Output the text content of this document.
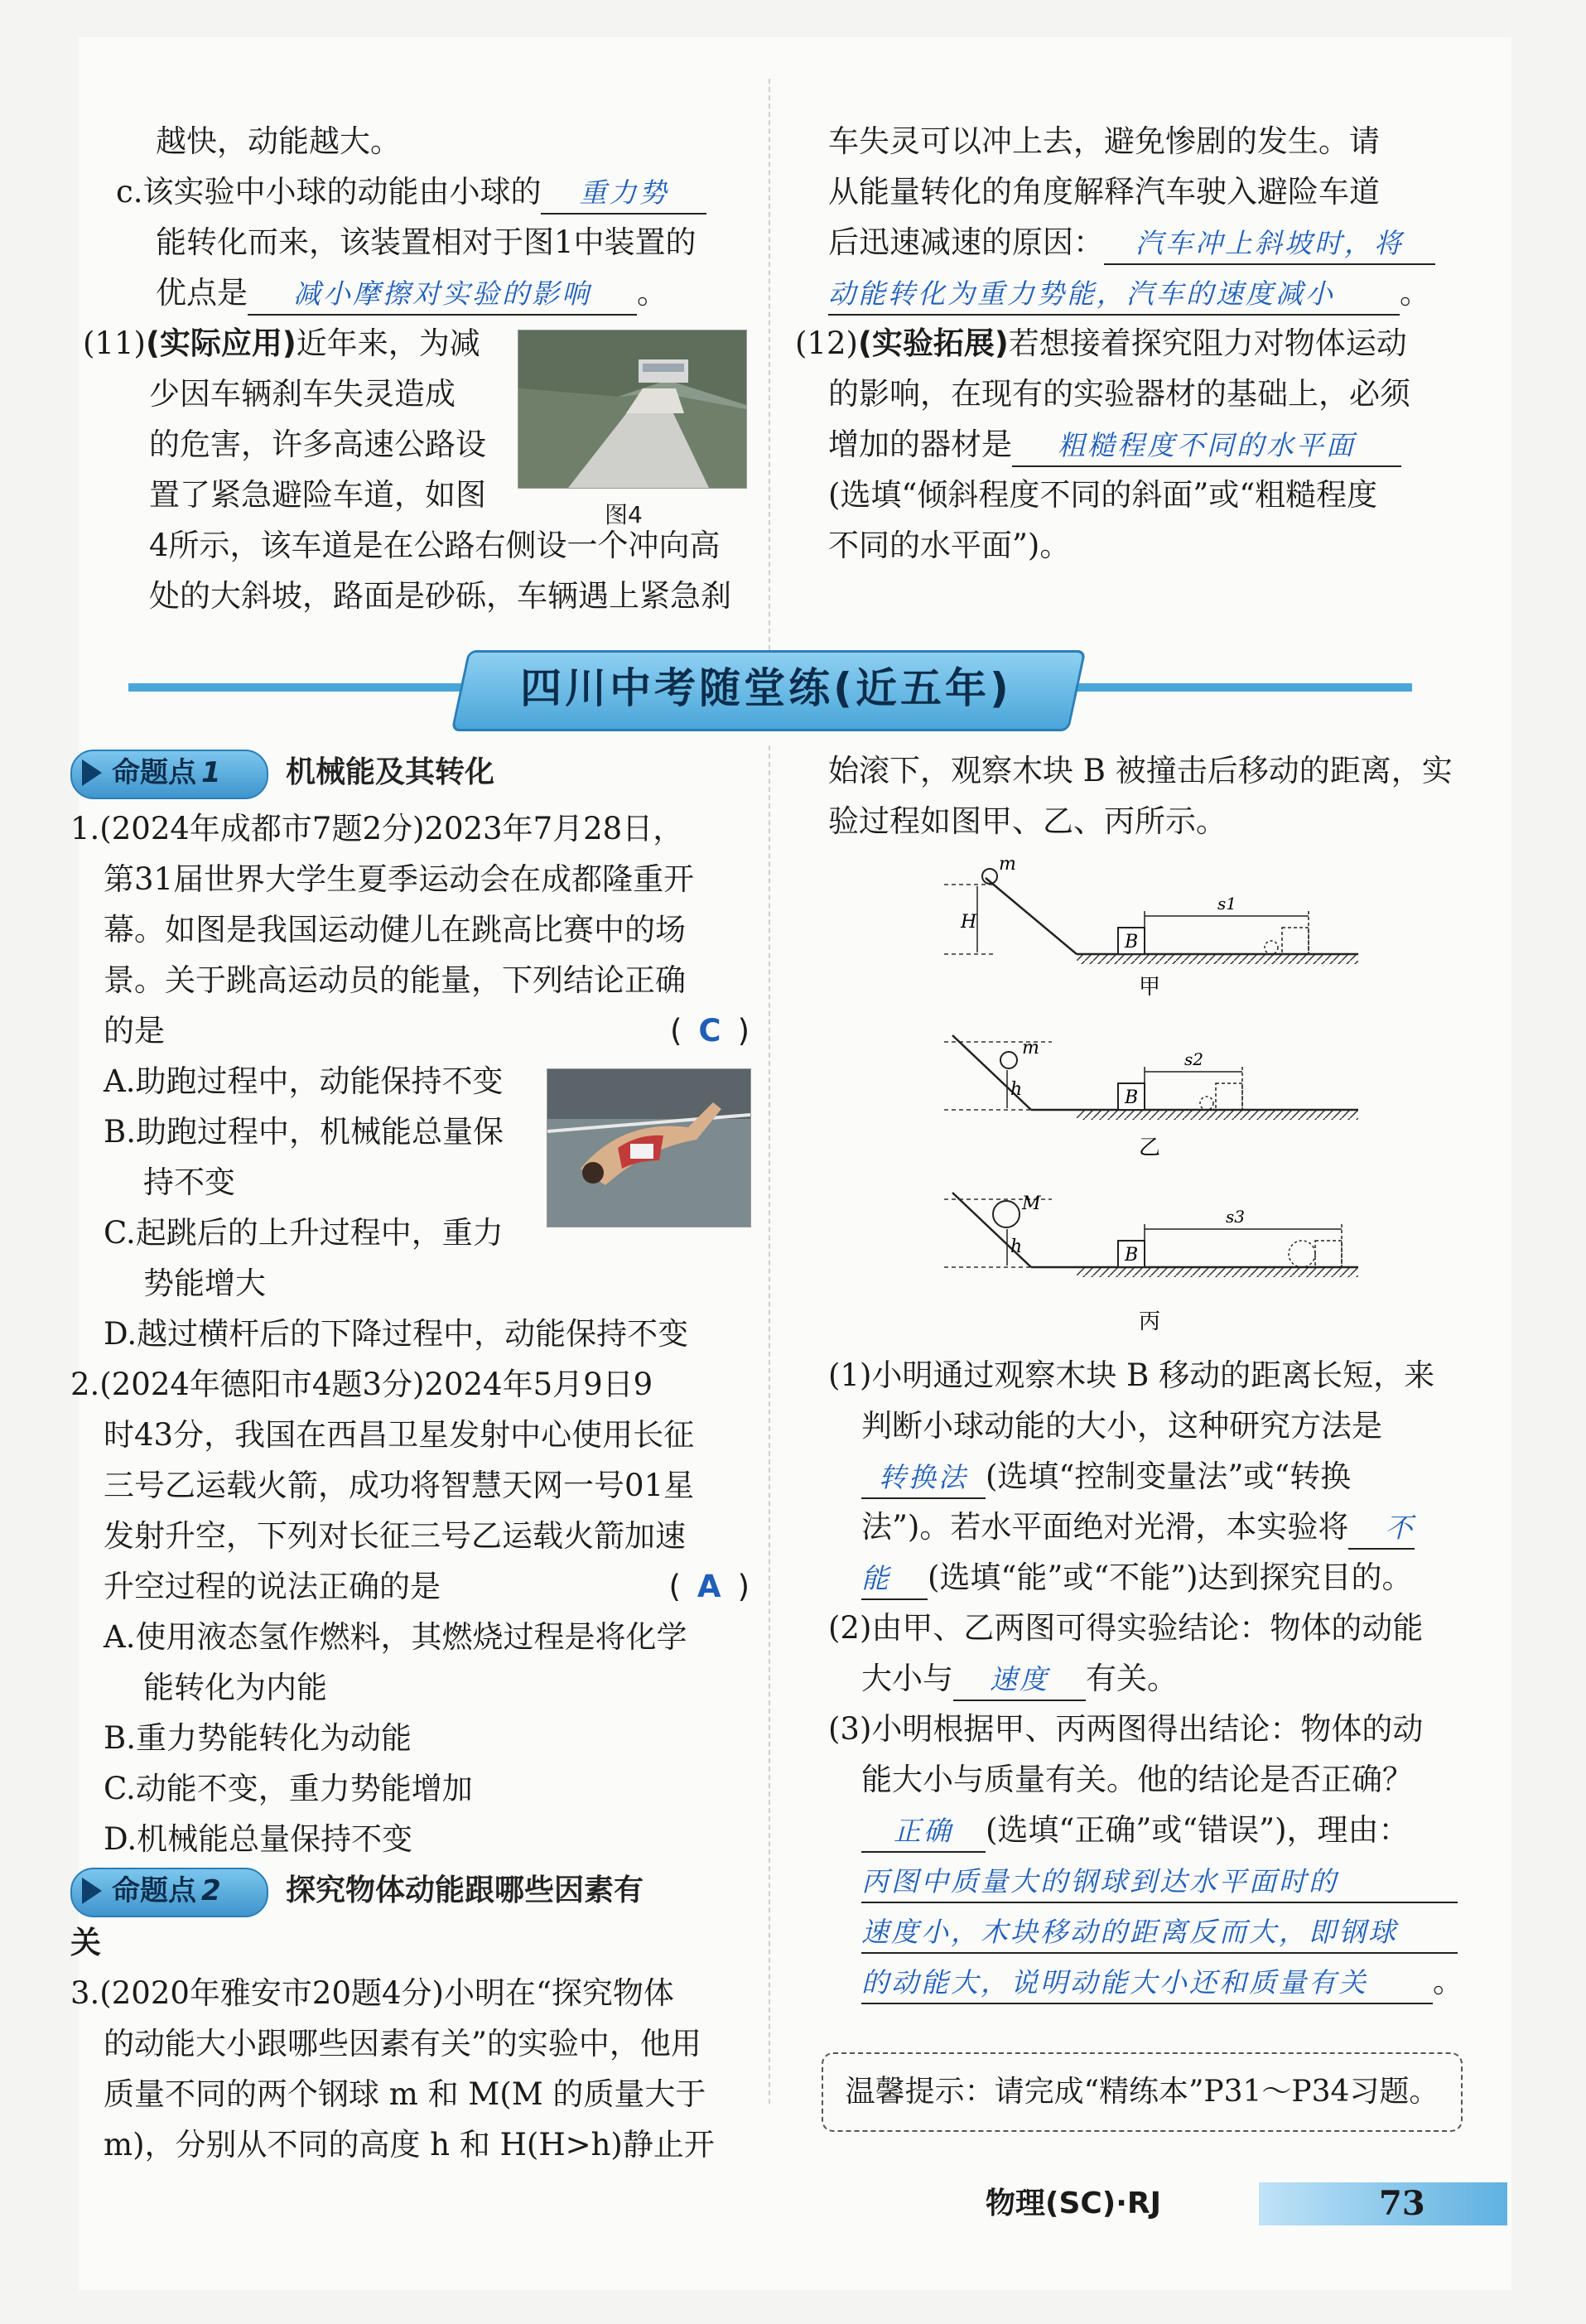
越快，动能越大。

c.该实验中小球的动能由小球的 重力势

能转化而来，该装置相对于图1中装置的

优点是 减小摩擦对实验的影响 。

(11)(实际应用)近年来，为减

少因车辆刹车失灵造成

的危害，许多高速公路设

置了紧急避险车道，如图

4所示，该车道是在公路右侧设一个冲向高

处的大斜坡，路面是砂砾，车辆遇上紧急刹

图4

车失灵可以冲上去，避免惨剧的发生。请

从能量转化的角度解释汽车驶入避险车道

后迅速减速的原因： 汽车冲上斜坡时，将

动能转化为重力势能，汽车的速度减小 。

(12)(实验拓展)若想接着探究阻力对物体运动

的影响，在现有的实验器材的基础上，必须

增加的器材是 粗糙程度不同的水平面

(选填“倾斜程度不同的斜面”或“粗糙程度

不同的水平面”)。

四川中考随堂练(近五年)
命题点 1 机械能及其转化

1.(2024年成都市7题2分)2023年7月28日，

第31届世界大学生夏季运动会在成都隆重开

幕。如图是我国运动健儿在跳高比赛中的场

景。关于跳高运动员的能量，下列结论正确

的是	( C )

A.助跑过程中，动能保持不变

B.助跑过程中，机械能总量保

持不变

C.起跳后的上升过程中，重力

势能增大

D.越过横杆后的下降过程中，动能保持不变

2.(2024年德阳市4题3分)2024年5月9日9

时43分，我国在西昌卫星发射中心使用长征

三号乙运载火箭，成功将智慧天网一号01星

发射升空，下列对长征三号乙运载火箭加速

升空过程的说法正确的是	( A )

A.使用液态氢作燃料，其燃烧过程是将化学

能转化为内能

B.重力势能转化为动能

C.动能不变，重力势能增加

D.机械能总量保持不变

命题点 2 探究物体动能跟哪些因素有

关

3.(2020年雅安市20题4分)小明在“探究物体

的动能大小跟哪些因素有关”的实验中，他用

质量不同的两个钢球 m 和 M(M 的质量大于

m)，分别从不同的高度 h 和 H(H>h)静止开

始滚下，观察木块 B 被撞击后移动的距离，实

验过程如图甲、乙、丙所示。

m
H
B
s1
甲
m
h	B
s2
乙
M
h	B
s3
丙

(1)小明通过观察木块 B 移动的距离长短，来

判断小球动能的大小，这种研究方法是

转换法 (选填“控制变量法”或“转换

法”)。若水平面绝对光滑，本实验将 不

能 (选填“能”或“不能”)达到探究目的。

(2)由甲、乙两图可得实验结论：物体的动能

大小与 速度 有关。

(3)小明根据甲、丙两图得出结论：物体的动

能大小与质量有关。他的结论是否正确？

正确 (选填“正确”或“错误”)，理由：

丙图中质量大的钢球到达水平面时的

速度小，木块移动的距离反而大，即钢球

的动能大，说明动能大小还和质量有关 。

温馨提示：请完成“精练本”P31～P34习题。
物理(SC)·RJ	73
